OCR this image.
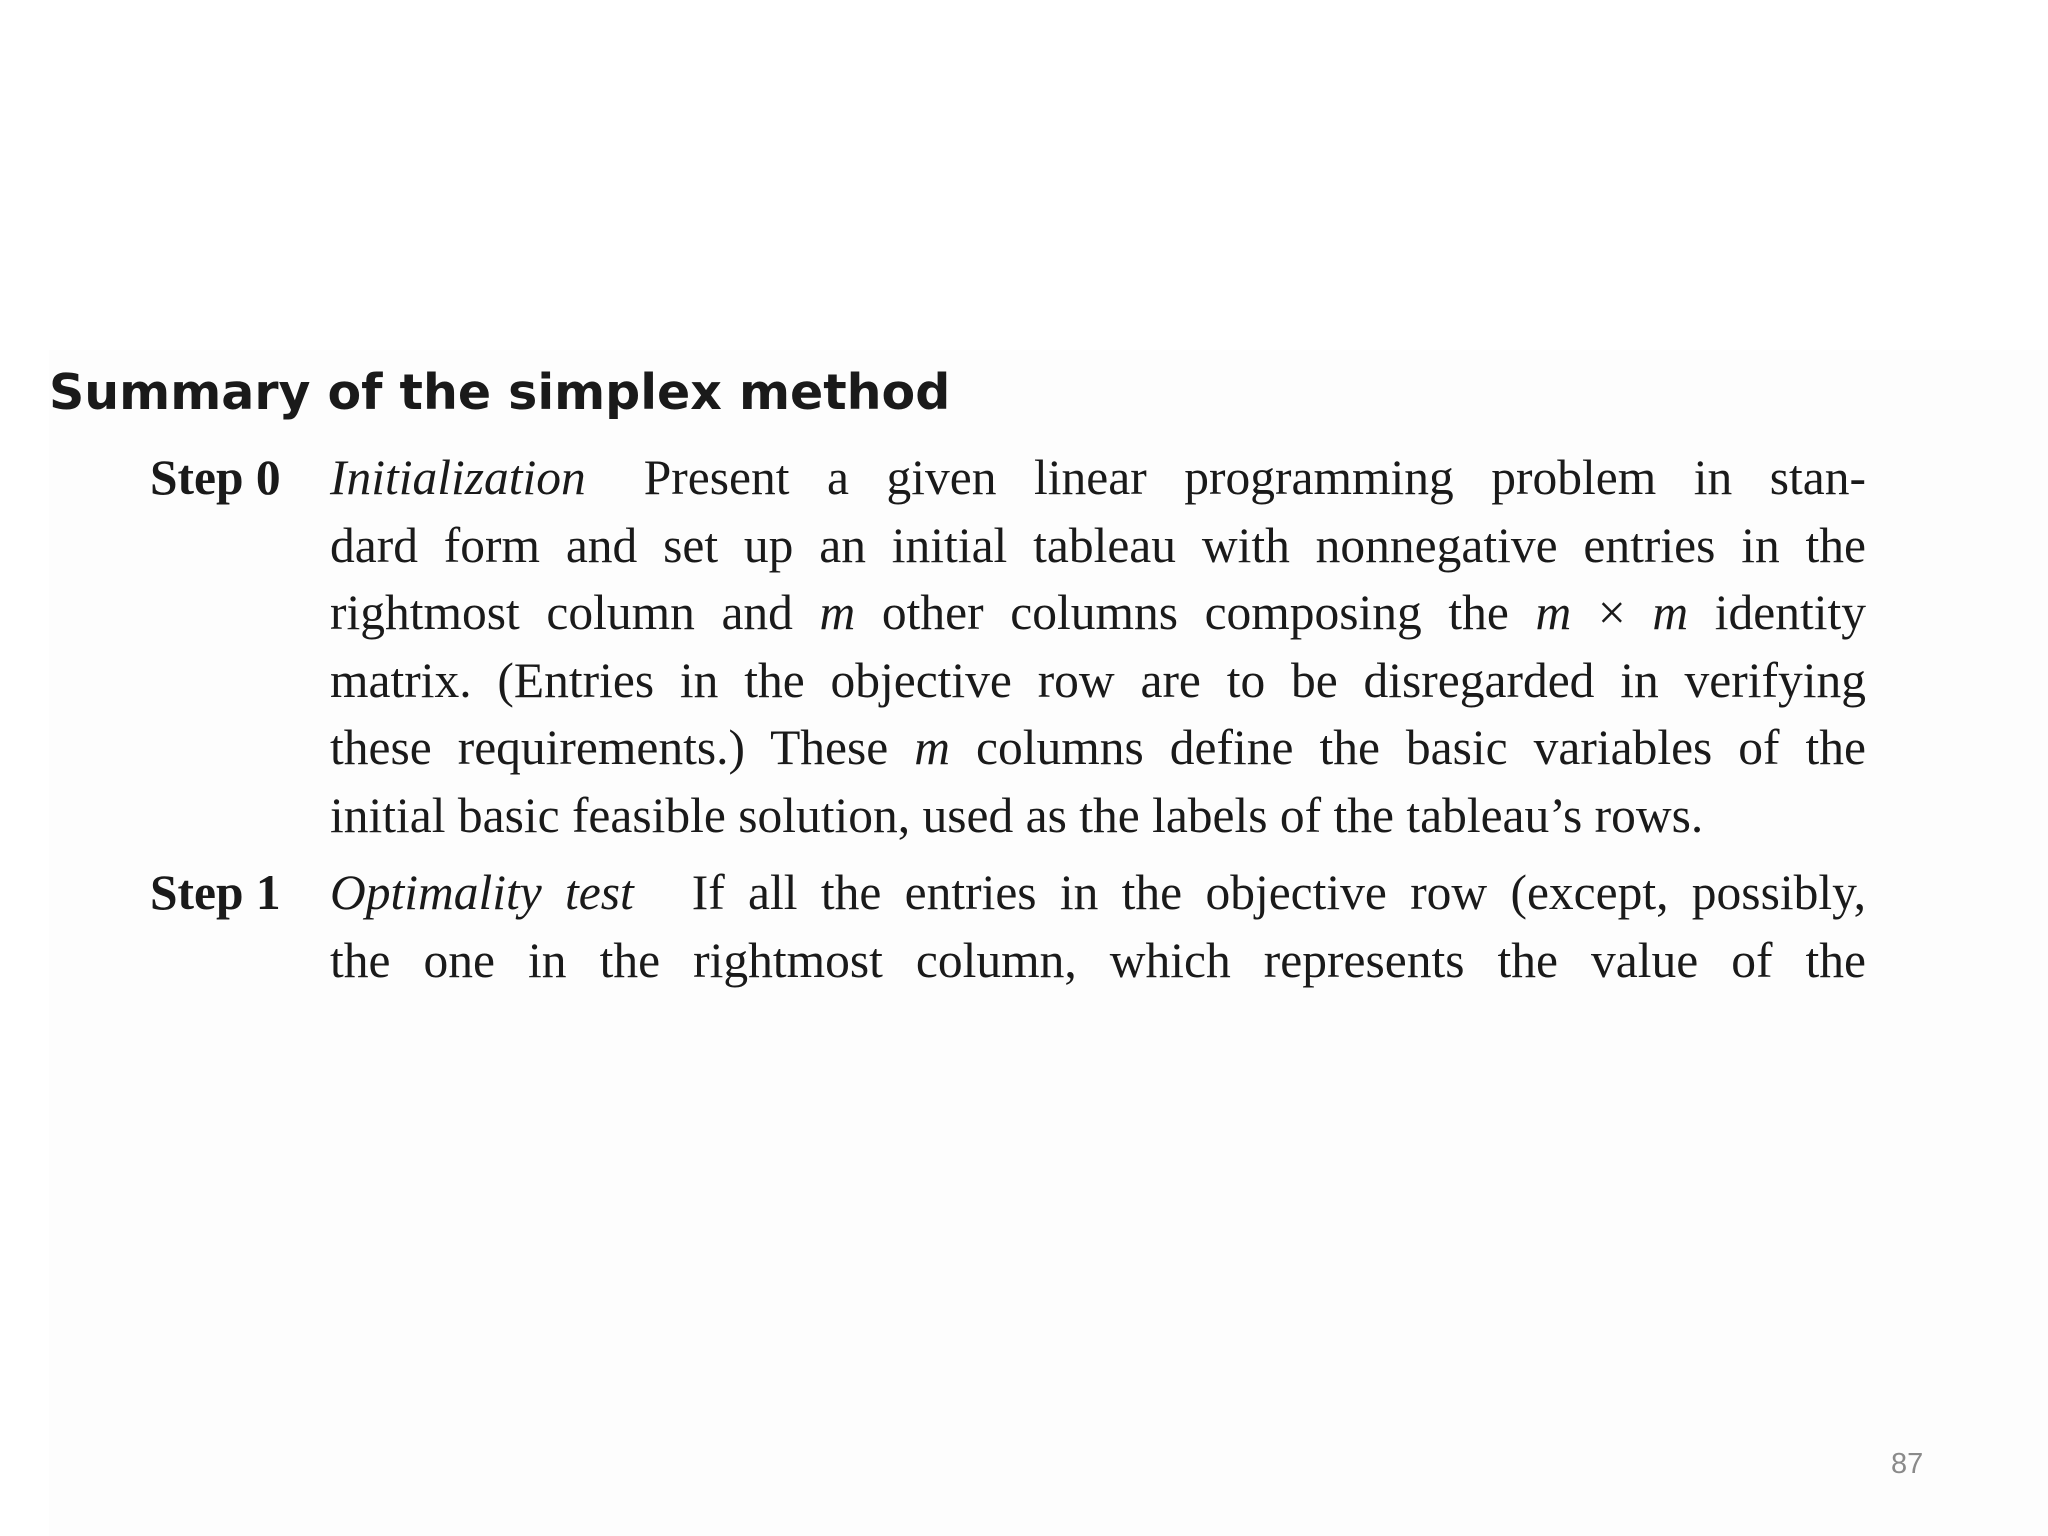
Summary of the simplex method
Step 0 Initialization Present a given linear programming problem in stan-
dard form and set up an initial tableau with nonnegative entries in the
rightmost column and m other columns composing the m × m identity
matrix. (Entries in the objective row are to be disregarded in verifying
these requirements.) These m columns define the basic variables of the
initial basic feasible solution, used as the labels of the tableau’s rows.
Step 1 Optimality test If all the entries in the objective row (except, possibly,
the one in the rightmost column, which represents the value of the
87
